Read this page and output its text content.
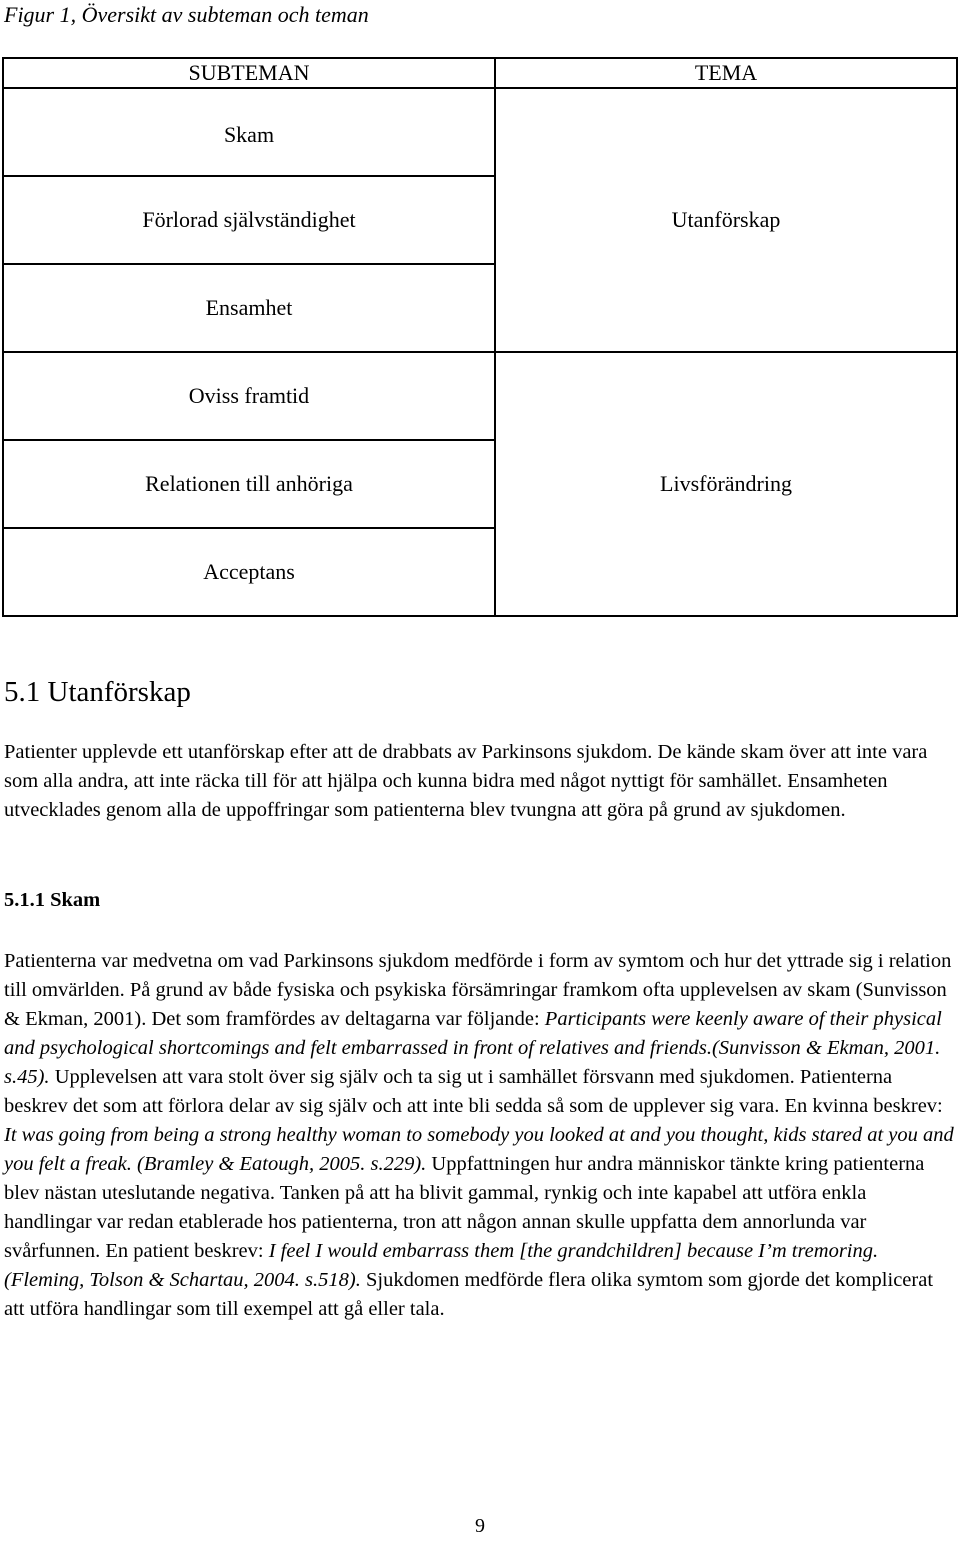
Figur 1, Översikt av subteman och teman
SUBTEMAN
Skam
Förlorad självständighet
Ensamhet
Oviss framtid
Relationen till anhöriga
Acceptans
TEMA
Utanförskap
Livsförändring
5.1 Utanförskap
Patienter upplevde ett utanförskap efter att de drabbats av Parkinsons sjukdom. De kände skam över att inte vara som alla andra, att inte räcka till för att hjälpa och kunna bidra med något nyttigt för samhället. Ensamheten utvecklades genom alla de uppoffringar som patienterna blev tvungna att göra på grund av sjukdomen.
5.1.1 Skam
Patienterna var medvetna om vad Parkinsons sjukdom medförde i form av symtom och hur det yttrade sig i relation till omvärlden. På grund av både fysiska och psykiska försämringar framkom ofta upplevelsen av skam (Sunvisson & Ekman, 2001). Det som framfördes av deltagarna var följande: Participants were keenly aware of their physical and psychological shortcomings and felt embarrassed in front of relatives and friends.(Sunvisson & Ekman, 2001. s.45). Upplevelsen att vara stolt över sig själv och ta sig ut i samhället försvann med sjukdomen. Patienterna beskrev det som att förlora delar av sig själv och att inte bli sedda så som de upplever sig vara. En kvinna beskrev: It was going from being a strong healthy woman to somebody you looked at and you thought, kids stared at you and you felt a freak. (Bramley & Eatough, 2005. s.229). Uppfattningen hur andra människor tänkte kring patienterna blev nästan uteslutande negativa. Tanken på att ha blivit gammal, rynkig och inte kapabel att utföra enkla handlingar var redan etablerade hos patienterna, tron att någon annan skulle uppfatta dem annorlunda var svårfunnen. En patient beskrev: I feel I would embarrass them [the grandchildren] because I’m tremoring. (Fleming, Tolson & Schartau, 2004. s.518). Sjukdomen medförde flera olika symtom som gjorde det komplicerat att utföra handlingar som till exempel att gå eller tala.
9
